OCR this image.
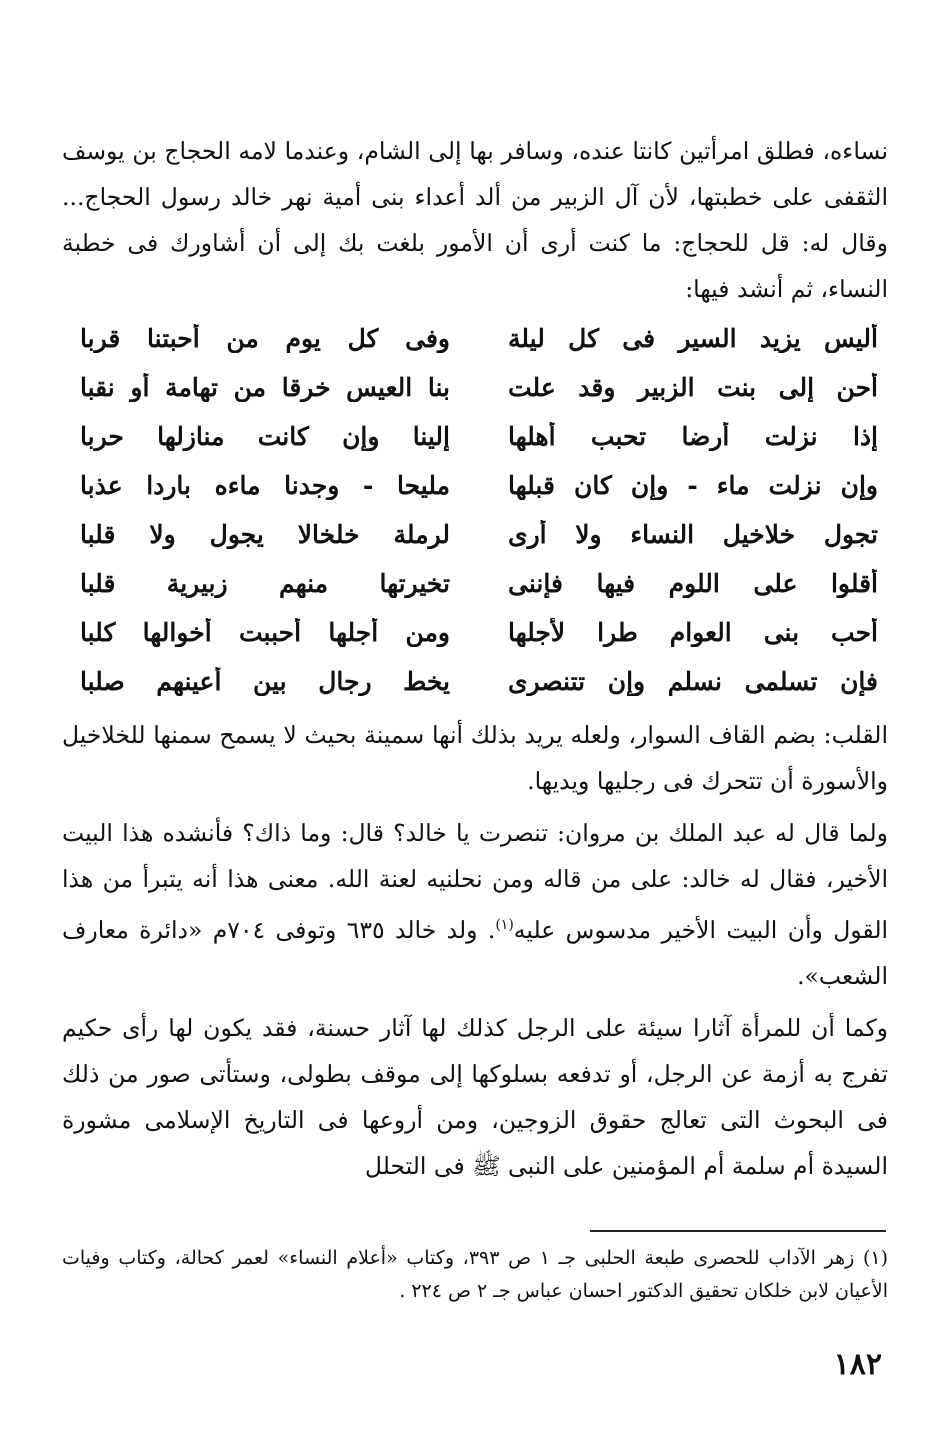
نساءه، فطلق امرأتين كانتا عنده، وسافر بها إلى الشام، وعندما لامه الحجاج بن يوسف الثقفى على خطبتها، لأن آل الزبير من ألد أعداء بنى أمية نهر خالد رسول الحجاج... وقال له: قل للحجاج: ما كنت أرى أن الأمور بلغت بك إلى أن أشاورك فى خطبة النساء، ثم أنشد فيها:

أليس يزيد السير فى كل ليلة
وفى كل يوم من أحبتنا قربا
أحن إلى بنت الزبير وقد علت
بنا العيس خرقا من تهامة أو نقبا
إذا نزلت أرضا تحبب أهلها
إلينا وإن كانت منازلها حربا
وإن نزلت ماء - وإن كان قبلها
مليحا - وجدنا ماءه باردا عذبا
تجول خلاخيل النساء ولا أرى
لرملة خلخالا يجول ولا قلبا
أقلوا على اللوم فيها فإننى
تخيرتها منهم زبيرية قلبا
أحب بنى العوام طرا لأجلها
ومن أجلها أحببت أخوالها كلبا
فإن تسلمى نسلم وإن تتنصرى
يخط رجال بين أعينهم صلبا

القلب: بضم القاف السوار، ولعله يريد بذلك أنها سمينة بحيث لا يسمح سمنها للخلاخيل والأسورة أن تتحرك فى رجليها ويديها.

ولما قال له عبد الملك بن مروان: تنصرت يا خالد؟ قال: وما ذاك؟ فأنشده هذا البيت الأخير، فقال له خالد: على من قاله ومن نحلنيه لعنة الله. معنى هذا أنه يتبرأ من هذا القول وأن البيت الأخير مدسوس عليه$^{(١)}$. ولد خالد ٦٣٥ وتوفى ٧٠٤م «دائرة معارف الشعب».

وكما أن للمرأة آثارا سيئة على الرجل كذلك لها آثار حسنة، فقد يكون لها رأى حكيم تفرج به أزمة عن الرجل، أو تدفعه بسلوكها إلى موقف بطولى، وستأتى صور من ذلك فى البحوث التى تعالج حقوق الزوجين، ومن أروعها فى التاريخ الإسلامى مشورة السيدة أم سلمة أم المؤمنين على النبى ﷺ فى التحلل

(١) زهر الآداب للحصرى طبعة الحلبى جـ ١ ص ٣٩٣، وكتاب «أعلام النساء» لعمر كحالة، وكتاب وفيات الأعيان لابن خلكان تحقيق الدكتور احسان عباس جـ ٢ ص ٢٢٤ .

١٨٢
